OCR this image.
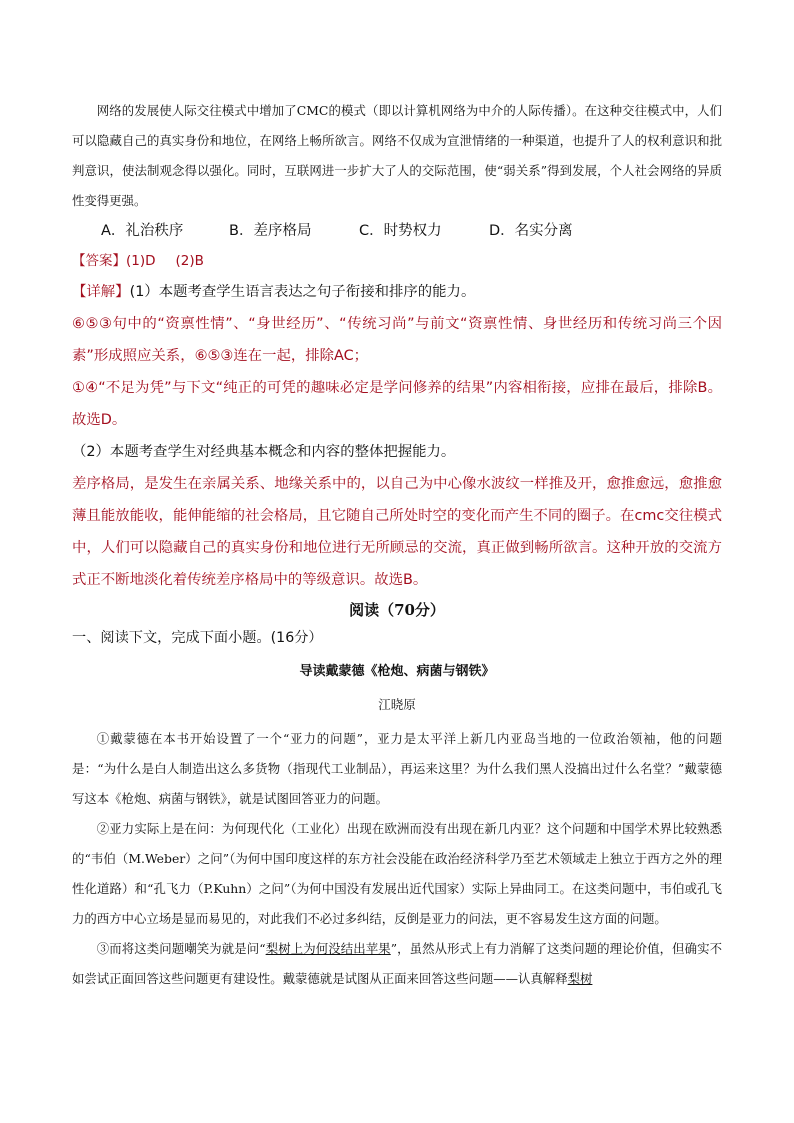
网络的发展使人际交往模式中增加了CMC的模式（即以计算机网络为中介的人际传播）。在这种交往模式中，人们可以隐藏自己的真实身份和地位，在网络上畅所欲言。网络不仅成为宣泄情绪的一种渠道，也提升了人的权利意识和批判意识，使法制观念得以强化。同时，互联网进一步扩大了人的交际范围，使“弱关系”得到发展，个人社会网络的异质性变得更强。

A．礼治秩序	B．差序格局	C．时势权力	D．名实分离

【答案】(1)D (2)B

【详解】(1）本题考查学生语言表达之句子衔接和排序的能力。

⑥⑤③句中的“资禀性情”、“身世经历”、“传统习尚”与前文“资禀性情、身世经历和传统习尚三个因素”形成照应关系，⑥⑤③连在一起，排除AC；

①④“不足为凭”与下文“纯正的可凭的趣味必定是学问修养的结果”内容相衔接，应排在最后，排除B。故选D。

（2）本题考查学生对经典基本概念和内容的整体把握能力。

差序格局，是发生在亲属关系、地缘关系中的，以自己为中心像水波纹一样推及开，愈推愈远，愈推愈薄且能放能收，能伸能缩的社会格局，且它随自己所处时空的变化而产生不同的圈子。在cmc交往模式中，人们可以隐藏自己的真实身份和地位进行无所顾忌的交流，真正做到畅所欲言。这种开放的交流方式正不断地淡化着传统差序格局中的等级意识。故选B。

阅读（70分）

一、阅读下文，完成下面小题。(16分）

导读戴蒙德《枪炮、病菌与钢铁》

江晓原

①戴蒙德在本书开始设置了一个“亚力的问题”，亚力是太平洋上新几内亚岛当地的一位政治领袖，他的问题是：“为什么是白人制造出这么多货物（指现代工业制品），再运来这里？为什么我们黑人没搞出过什么名堂？”戴蒙德写这本《枪炮、病菌与钢铁》，就是试图回答亚力的问题。

②亚力实际上是在问：为何现代化（工业化）出现在欧洲而没有出现在新几内亚？这个问题和中国学术界比较熟悉的“韦伯（M.Weber）之问”（为何中国印度这样的东方社会没能在政治经济科学乃至艺术领域走上独立于西方之外的理性化道路）和“孔飞力（P.Kuhn）之问”（为何中国没有发展出近代国家）实际上异曲同工。在这类问题中，韦伯或孔飞力的西方中心立场是显而易见的，对此我们不必过多纠结，反倒是亚力的问法，更不容易发生这方面的问题。

③而将这类问题嘲笑为就是问“梨树上为何没结出苹果”，虽然从形式上有力消解了这类问题的理论价值，但确实不如尝试正面回答这些问题更有建设性。戴蒙德就是试图从正面来回答这些问题——认真解释梨树
